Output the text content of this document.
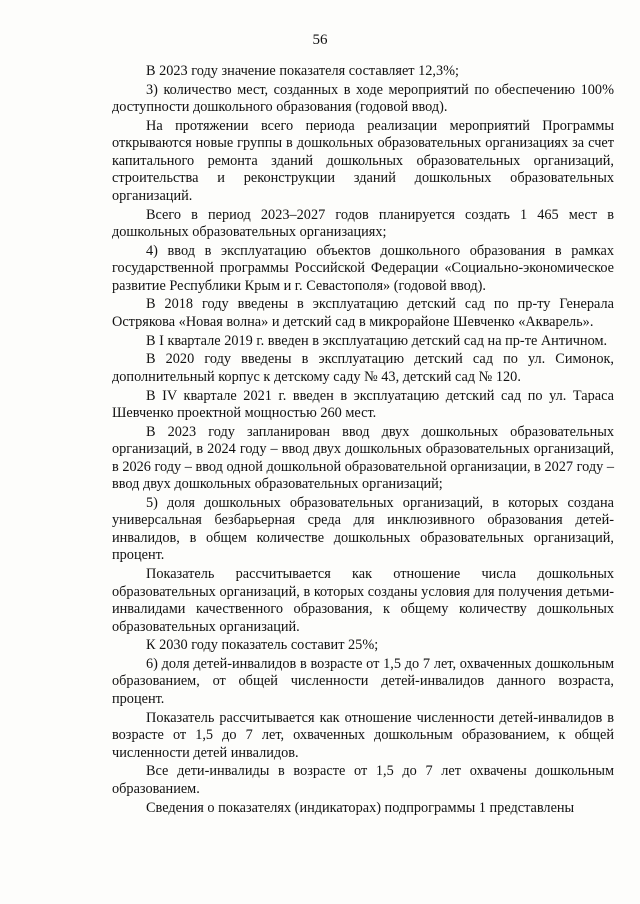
56

В 2023 году значение показателя составляет 12,3%;

3) количество мест, созданных в ходе мероприятий по обеспечению 100% доступности дошкольного образования (годовой ввод).

На протяжении всего периода реализации мероприятий Программы открываются новые группы в дошкольных образовательных организациях за счет капитального ремонта зданий дошкольных образовательных организаций, строительства и реконструкции зданий дошкольных образовательных организаций.

Всего в период 2023–2027 годов планируется создать 1 465 мест в дошкольных образовательных организациях;

4) ввод в эксплуатацию объектов дошкольного образования в рамках государственной программы Российской Федерации «Социально-экономическое развитие Республики Крым и г. Севастополя» (годовой ввод).

В 2018 году введены в эксплуатацию детский сад по пр-ту Генерала Острякова «Новая волна» и детский сад в микрорайоне Шевченко «Акварель».

В I квартале 2019 г. введен в эксплуатацию детский сад на пр-те Античном.

В 2020 году введены в эксплуатацию детский сад по ул. Симонок, дополнительный корпус к детскому саду № 43, детский сад № 120.

В IV квартале 2021 г. введен в эксплуатацию детский сад по ул. Тараса Шевченко проектной мощностью 260 мест.

В 2023 году запланирован ввод двух дошкольных образовательных организаций, в 2024 году – ввод двух дошкольных образовательных организаций, в 2026 году – ввод одной дошкольной образовательной организации, в 2027 году – ввод двух дошкольных образовательных организаций;

5) доля дошкольных образовательных организаций, в которых создана универсальная безбарьерная среда для инклюзивного образования детей-инвалидов, в общем количестве дошкольных образовательных организаций, процент.

Показатель рассчитывается как отношение числа дошкольных образовательных организаций, в которых созданы условия для получения детьми-инвалидами качественного образования, к общему количеству дошкольных образовательных организаций.

К 2030 году показатель составит 25%;

6) доля детей-инвалидов в возрасте от 1,5 до 7 лет, охваченных дошкольным образованием, от общей численности детей-инвалидов данного возраста, процент.

Показатель рассчитывается как отношение численности детей-инвалидов в возрасте от 1,5 до 7 лет, охваченных дошкольным образованием, к общей численности детей инвалидов.

Все дети-инвалиды в возрасте от 1,5 до 7 лет охвачены дошкольным образованием.

Сведения о показателях (индикаторах) подпрограммы 1 представлены
